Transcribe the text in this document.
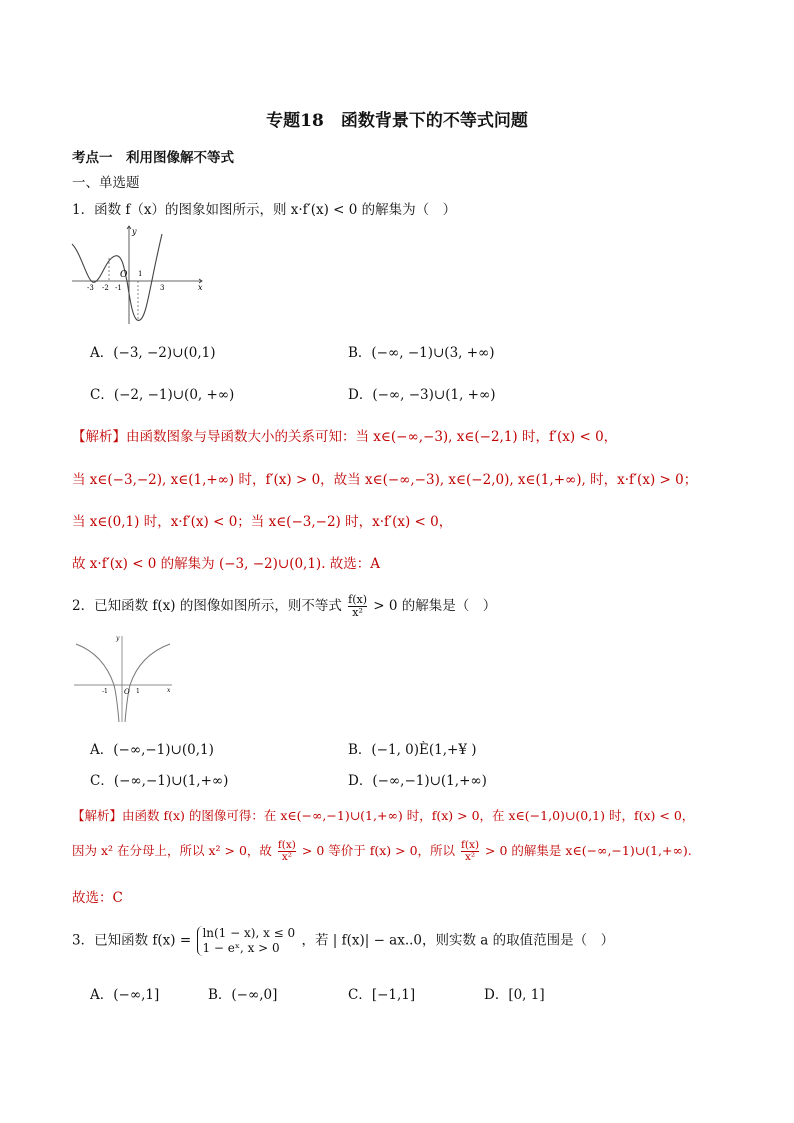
专题18　函数背景下的不等式问题
考点一　利用图像解不等式
一、单选题
1．函数 f（x）的图象如图所示，则 x·f′(x) < 0 的解集为（　）
y
x
O
-3 -2 -1
1
3
A．(−3, −2)∪(0,1)	B．(−∞, −1)∪(3, +∞)
C．(−2, −1)∪(0, +∞)	D．(−∞, −3)∪(1, +∞)
【解析】由函数图象与导函数大小的关系可知：当 x∈(−∞,−3), x∈(−2,1) 时，f′(x) < 0，
当 x∈(−3,−2), x∈(1,+∞) 时，f′(x) > 0，故当 x∈(−∞,−3), x∈(−2,0), x∈(1,+∞), 时，x·f′(x) > 0；
当 x∈(0,1) 时，x·f′(x) < 0；当 x∈(−3,−2) 时，x·f′(x) < 0，
故 x·f′(x) < 0 的解集为 (−3, −2)∪(0,1). 故选：A
2．已知函数 f(x) 的图像如图所示，则不等式 $\frac{f(x)}{\text{x²}} > 0$ 的解集是（　）
y
x
O
-1	1
A．(−∞,−1)∪(0,1)	B．(−1, 0)È(1,+¥ )
C．(−∞,−1)∪(1,+∞)	D．(−∞,−1)∪(1,+∞)
【解析】由函数 f(x) 的图像可得：在 x∈(−∞,−1)∪(1,+∞) 时，f(x) > 0，在 x∈(−1,0)∪(0,1) 时，f(x) < 0，
因为 x² 在分母上，所以 x² > 0，故 $\frac{f(x)}{\text{x²}} > 0$ 等价于 f(x) > 0，所以 $\frac{f(x)}{\text{x²}} > 0$ 的解集是 x∈(−∞,−1)∪(1,+∞).
故选：C
3．已知函数 f(x) = ln(1 − x), x ≤ 0
1 − eˣ, x > 0	，若 | f(x)| − ax..0，则实数 a 的取值范围是（　）
A．(−∞,1]	B．(−∞,0]	C．[−1,1]	D．[0, 1]
